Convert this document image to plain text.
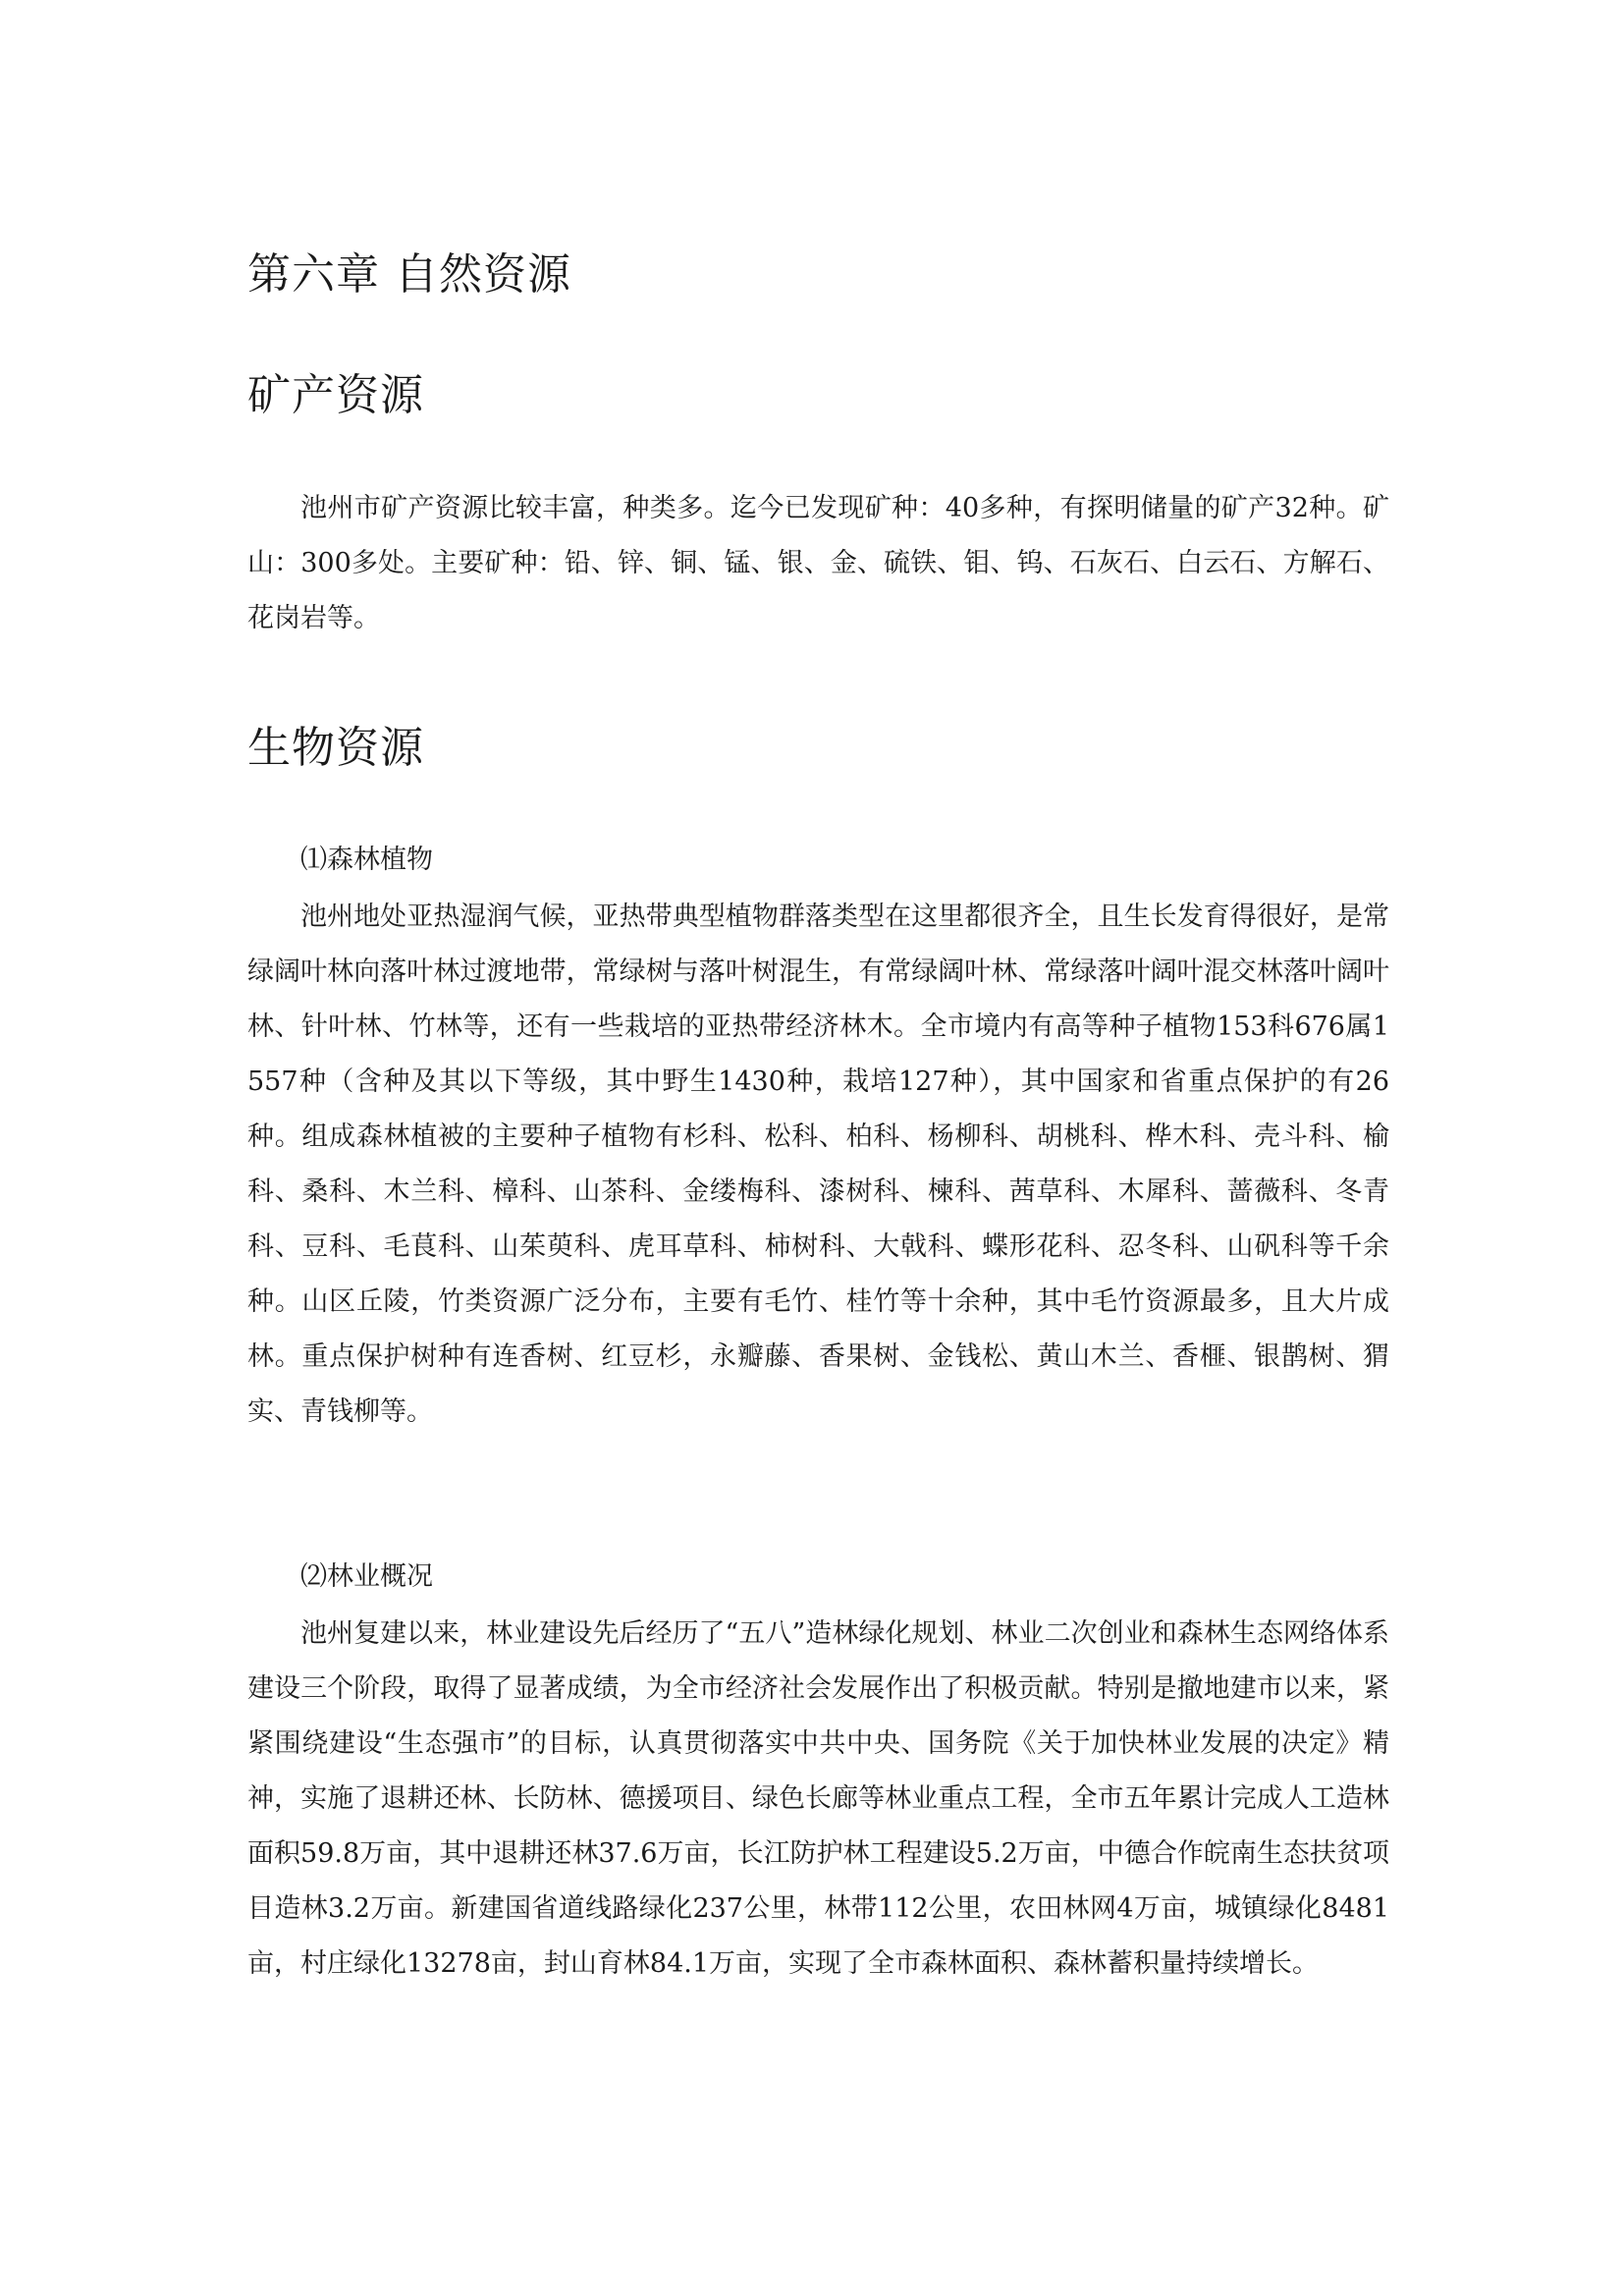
第六章 自然资源
矿产资源

池州市矿产资源比较丰富，种类多。迄今已发现矿种：40多种，有探明储量的矿产32种。矿山：300多处。主要矿种：铅、锌、铜、锰、银、金、硫铁、钼、钨、石灰石、白云石、方解石、花岗岩等。

生物资源

⑴森林植物

池州地处亚热湿润气候，亚热带典型植物群落类型在这里都很齐全，且生长发育得很好，是常绿阔叶林向落叶林过渡地带，常绿树与落叶树混生，有常绿阔叶林、常绿落叶阔叶混交林落叶阔叶林、针叶林、竹林等，还有一些栽培的亚热带经济林木。全市境内有高等种子植物153科676属1557种（含种及其以下等级，其中野生1430种，栽培127种），其中国家和省重点保护的有26种。组成森林植被的主要种子植物有杉科、松科、柏科、杨柳科、胡桃科、桦木科、壳斗科、榆科、桑科、木兰科、樟科、山茶科、金缕梅科、漆树科、楝科、茜草科、木犀科、蔷薇科、冬青科、豆科、毛茛科、山茱萸科、虎耳草科、柿树科、大戟科、蝶形花科、忍冬科、山矾科等千余种。山区丘陵，竹类资源广泛分布，主要有毛竹、桂竹等十余种，其中毛竹资源最多，且大片成林。重点保护树种有连香树、红豆杉，永瓣藤、香果树、金钱松、黄山木兰、香榧、银鹊树、猬实、青钱柳等。

⑵林业概况

池州复建以来，林业建设先后经历了“五八”造林绿化规划、林业二次创业和森林生态网络体系建设三个阶段，取得了显著成绩，为全市经济社会发展作出了积极贡献。特别是撤地建市以来，紧紧围绕建设“生态强市”的目标，认真贯彻落实中共中央、国务院《关于加快林业发展的决定》精神，实施了退耕还林、长防林、德援项目、绿色长廊等林业重点工程，全市五年累计完成人工造林面积59.8万亩，其中退耕还林37.6万亩，长江防护林工程建设5.2万亩，中德合作皖南生态扶贫项目造林3.2万亩。新建国省道线路绿化237公里，林带112公里，农田林网4万亩，城镇绿化8481亩，村庄绿化13278亩，封山育林84.1万亩，实现了全市森林面积、森林蓄积量持续增长。
